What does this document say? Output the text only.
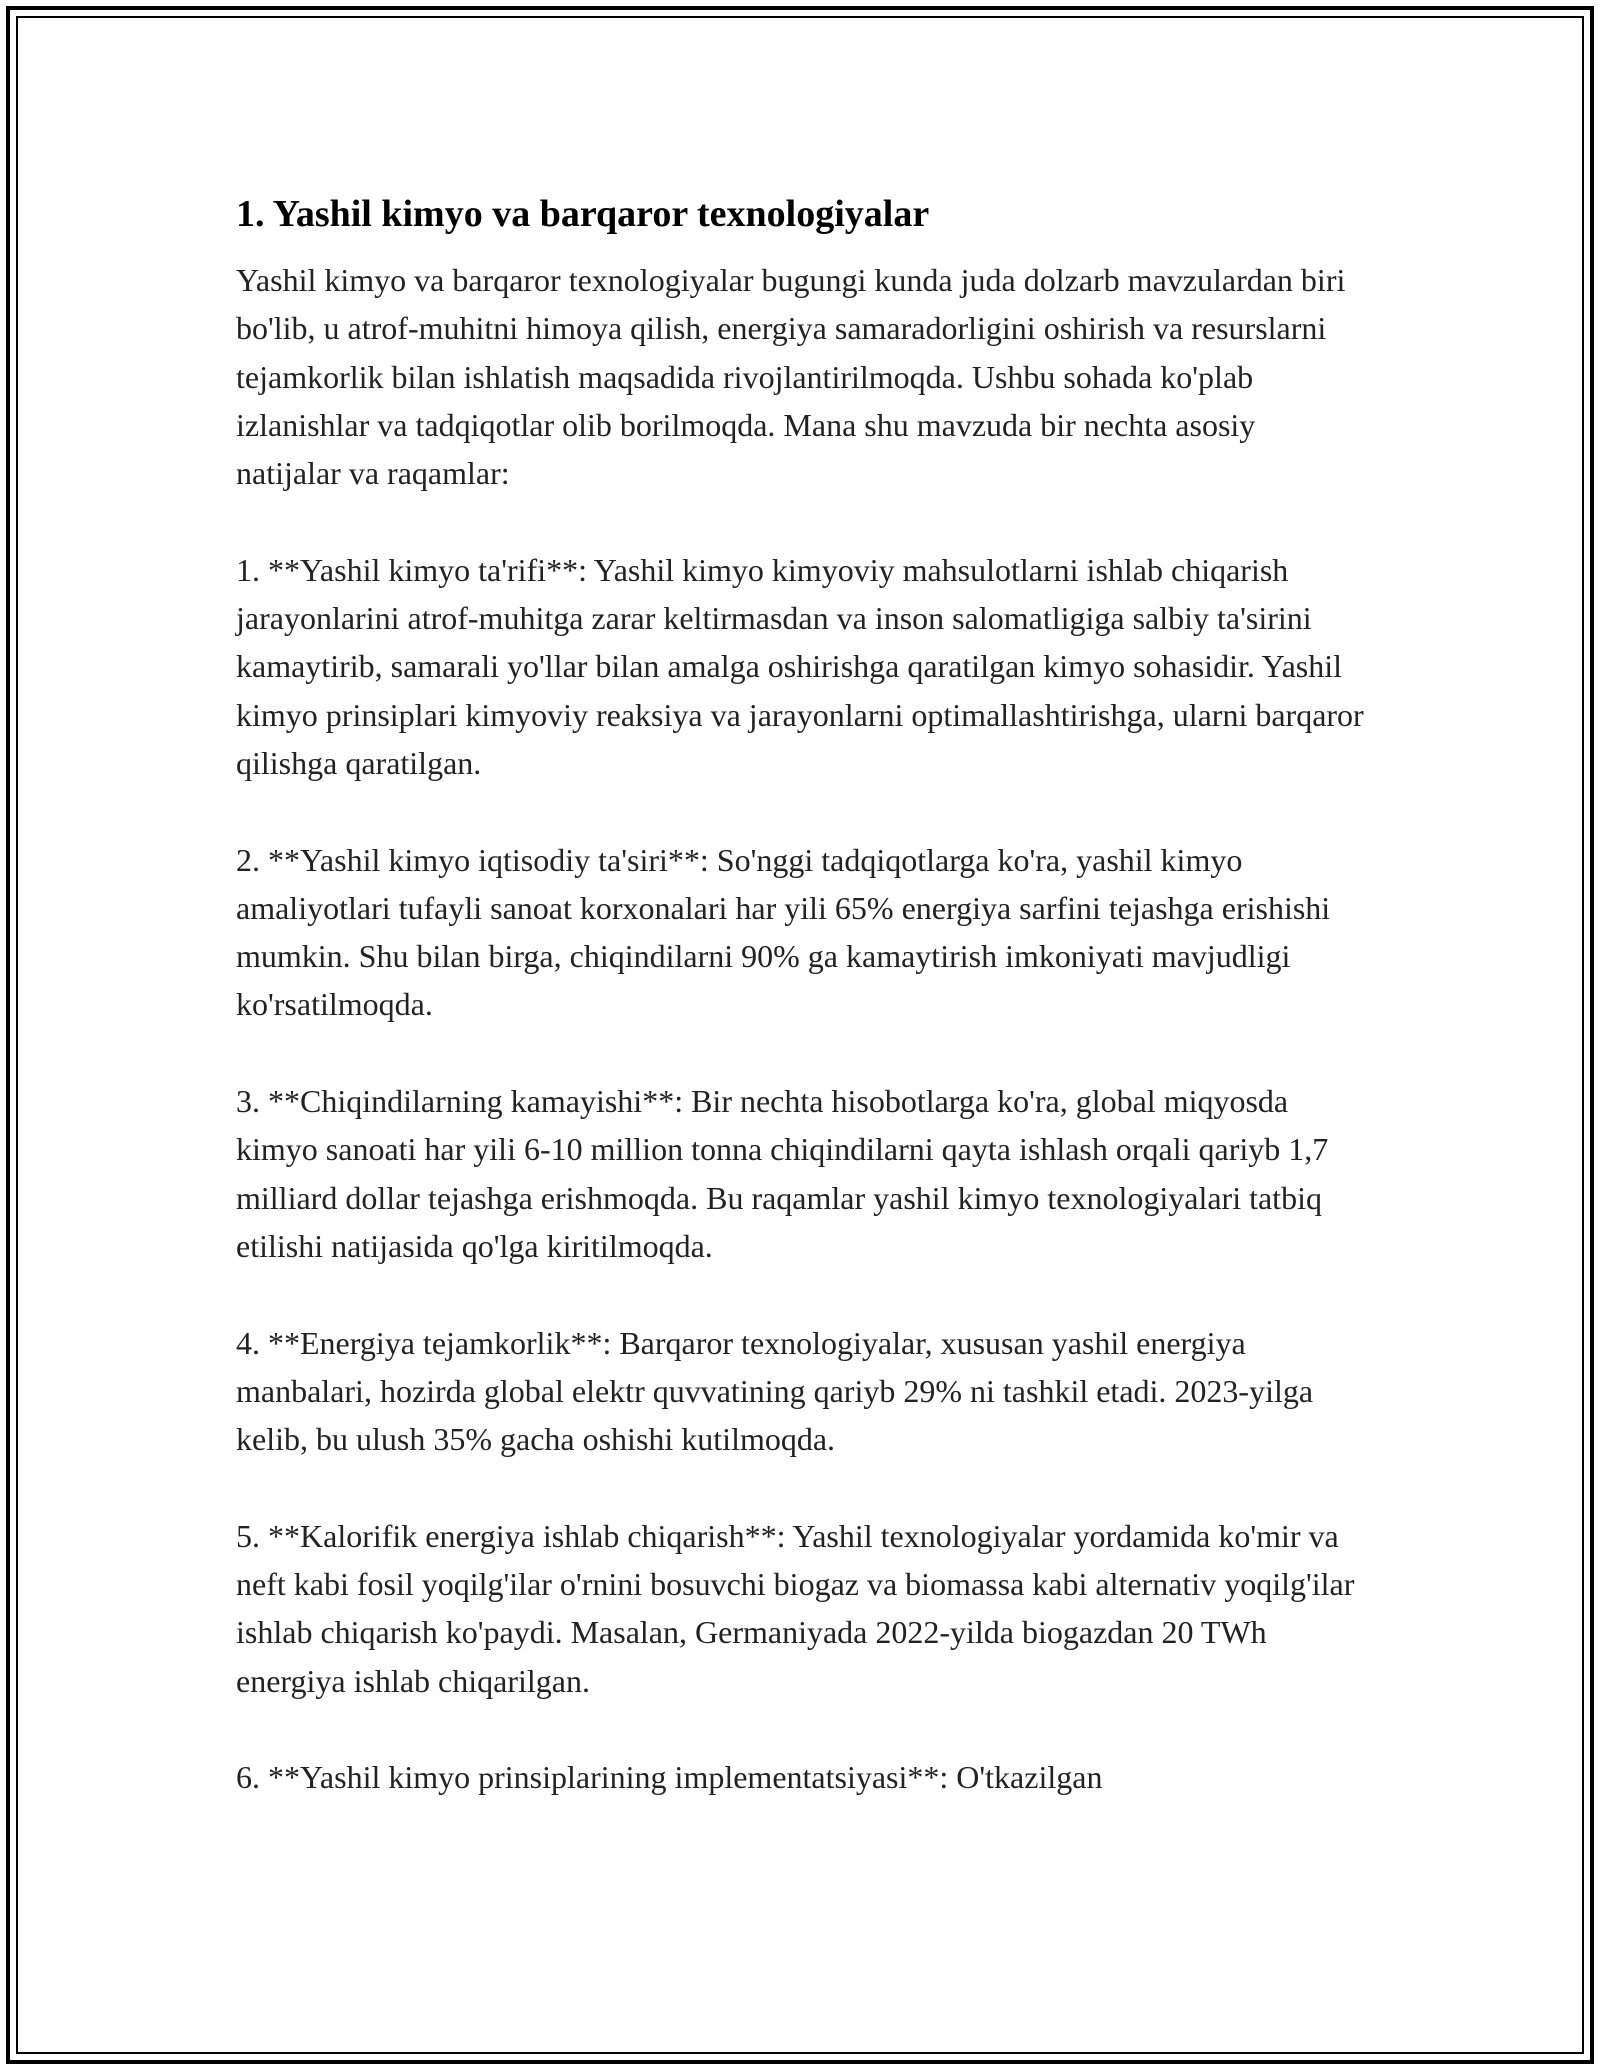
1. Yashil kimyo va barqaror texnologiyalar

Yashil kimyo va barqaror texnologiyalar bugungi kunda juda dolzarb mavzulardan biri bo'lib, u atrof-muhitni himoya qilish, energiya samaradorligini oshirish va resurslarni tejamkorlik bilan ishlatish maqsadida rivojlantirilmoqda. Ushbu sohada ko'plab izlanishlar va tadqiqotlar olib borilmoqda. Mana shu mavzuda bir nechta asosiy natijalar va raqamlar:

1. **Yashil kimyo ta'rifi**: Yashil kimyo kimyoviy mahsulotlarni ishlab chiqarish jarayonlarini atrof-muhitga zarar keltirmasdan va inson salomatligiga salbiy ta'sirini kamaytirib, samarali yo'llar bilan amalga oshirishga qaratilgan kimyo sohasidir. Yashil kimyo prinsiplari kimyoviy reaksiya va jarayonlarni optimallashtirishga, ularni barqaror qilishga qaratilgan.

2. **Yashil kimyo iqtisodiy ta'siri**: So'nggi tadqiqotlarga ko'ra, yashil kimyo amaliyotlari tufayli sanoat korxonalari har yili 65% energiya sarfini tejashga erishishi mumkin. Shu bilan birga, chiqindilarni 90% ga kamaytirish imkoniyati mavjudligi ko'rsatilmoqda.

3. **Chiqindilarning kamayishi**: Bir nechta hisobotlarga ko'ra, global miqyosda kimyo sanoati har yili 6-10 million tonna chiqindilarni qayta ishlash orqali qariyb 1,7 milliard dollar tejashga erishmoqda. Bu raqamlar yashil kimyo texnologiyalari tatbiq etilishi natijasida qo'lga kiritilmoqda.

4. **Energiya tejamkorlik**: Barqaror texnologiyalar, xususan yashil energiya manbalari, hozirda global elektr quvvatining qariyb 29% ni tashkil etadi. 2023-yilga kelib, bu ulush 35% gacha oshishi kutilmoqda.

5. **Kalorifik energiya ishlab chiqarish**: Yashil texnologiyalar yordamida ko'mir va neft kabi fosil yoqilg'ilar o'rnini bosuvchi biogaz va biomassa kabi alternativ yoqilg'ilar ishlab chiqarish ko'paydi. Masalan, Germaniyada 2022-yilda biogazdan 20 TWh energiya ishlab chiqarilgan.

6. **Yashil kimyo prinsiplarining implementatsiyasi**: O'tkazilgan
